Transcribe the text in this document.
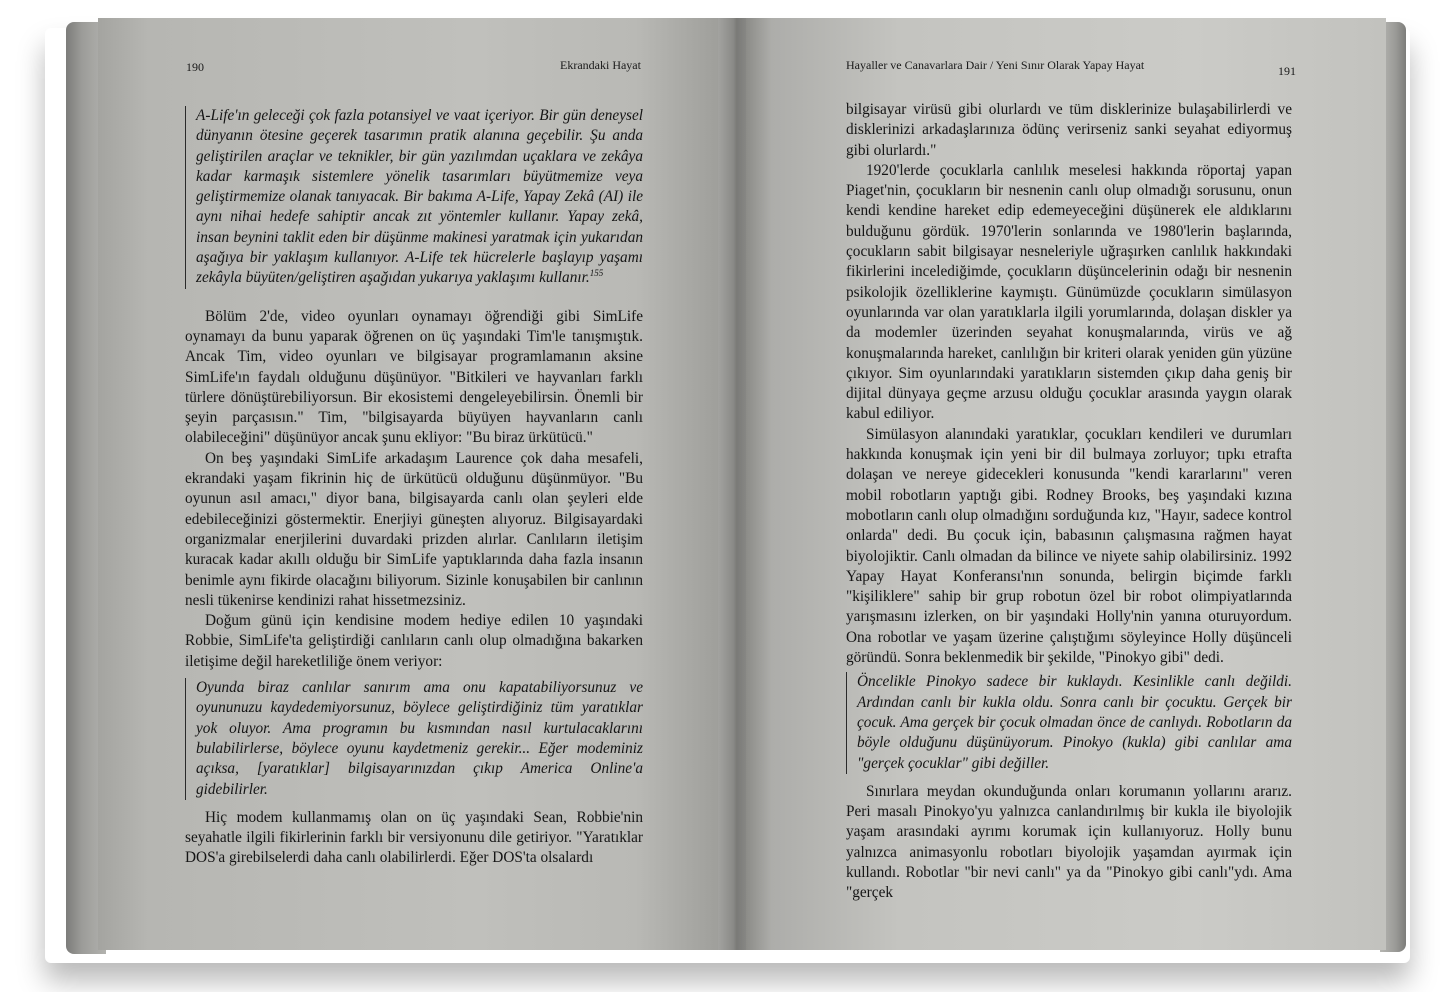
190	Ekrandaki Hayat

A-Life'ın geleceği çok fazla potansiyel ve vaat içeriyor. Bir gün deneysel dünyanın ötesine geçerek tasarımın pratik alanına geçebilir. Şu anda geliştirilen araçlar ve teknikler, bir gün yazılımdan uçaklara ve zekâya kadar karmaşık sistemlere yönelik tasarımları büyütmemize veya geliştirmemize olanak tanıyacak. Bir bakıma A-Life, Yapay Zekâ (AI) ile aynı nihai hedefe sahiptir ancak zıt yöntemler kullanır. Yapay zekâ, insan beynini taklit eden bir düşünme makinesi yaratmak için yukarıdan aşağıya bir yaklaşım kullanıyor. A-Life tek hücrelerle başlayıp yaşamı zekâyla büyüten/geliştiren aşağıdan yukarıya yaklaşımı kullanır.$^{155}$

Bölüm 2'de, video oyunları oynamayı öğrendiği gibi SimLife oynamayı da bunu yaparak öğrenen on üç yaşındaki Tim'le tanışmıştık. Ancak Tim, video oyunları ve bilgisayar programlamanın aksine SimLife'ın faydalı olduğunu düşünüyor. "Bitkileri ve hayvanları farklı türlere dönüştürebiliyorsun. Bir ekosistemi dengeleyebilirsin. Önemli bir şeyin parçasısın." Tim, "bilgisayarda büyüyen hayvanların canlı olabileceğini" düşünüyor ancak şunu ekliyor: "Bu biraz ürkütücü."

On beş yaşındaki SimLife arkadaşım Laurence çok daha mesafeli, ekrandaki yaşam fikrinin hiç de ürkütücü olduğunu düşünmüyor. "Bu oyunun asıl amacı," diyor bana, bilgisayarda canlı olan şeyleri elde edebileceğinizi göstermektir. Enerjiyi güneşten alıyoruz. Bilgisayardaki organizmalar enerjilerini duvardaki prizden alırlar. Canlıların iletişim kuracak kadar akıllı olduğu bir SimLife yaptıklarında daha fazla insanın benimle aynı fikirde olacağını biliyorum. Sizinle konuşabilen bir canlının nesli tükenirse kendinizi rahat hissetmezsiniz.

Doğum günü için kendisine modem hediye edilen 10 yaşındaki Robbie, SimLife'ta geliştirdiği canlıların canlı olup olmadığına bakarken iletişime değil hareketliliğe önem veriyor:

Oyunda biraz canlılar sanırım ama onu kapatabiliyorsunuz ve oyununuzu kaydedemiyorsunuz, böylece geliştirdiğiniz tüm yaratıklar yok oluyor. Ama programın bu kısmından nasıl kurtulacaklarını bulabilirlerse, böylece oyunu kaydetmeniz gerekir... Eğer modeminiz açıksa, [yaratıklar] bilgisayarınızdan çıkıp America Online'a gidebilirler.

Hiç modem kullanmamış olan on üç yaşındaki Sean, Robbie'nin seyahatle ilgili fikirlerinin farklı bir versiyonunu dile getiriyor. "Yaratıklar DOS'a girebilselerdi daha canlı olabilirlerdi. Eğer DOS'ta olsalardı

Hayaller ve Canavarlara Dair / Yeni Sınır Olarak Yapay Hayat	191

bilgisayar virüsü gibi olurlardı ve tüm disklerinize bulaşabilirlerdi ve disklerinizi arkadaşlarınıza ödünç verirseniz sanki seyahat ediyormuş gibi olurlardı."

1920'lerde çocuklarla canlılık meselesi hakkında röportaj yapan Piaget'nin, çocukların bir nesnenin canlı olup olmadığı sorusunu, onun kendi kendine hareket edip edemeyeceğini düşünerek ele aldıklarını bulduğunu gördük. 1970'lerin sonlarında ve 1980'lerin başlarında, çocukların sabit bilgisayar nesneleriyle uğraşırken canlılık hakkındaki fikirlerini incelediğimde, çocukların düşüncelerinin odağı bir nesnenin psikolojik özelliklerine kaymıştı. Günümüzde çocukların simülasyon oyunlarında var olan yaratıklarla ilgili yorumlarında, dolaşan diskler ya da modemler üzerinden seyahat konuşmalarında, virüs ve ağ konuşmalarında hareket, canlılığın bir kriteri olarak yeniden gün yüzüne çıkıyor. Sim oyunlarındaki yaratıkların sistemden çıkıp daha geniş bir dijital dünyaya geçme arzusu olduğu çocuklar arasında yaygın olarak kabul ediliyor.

Simülasyon alanındaki yaratıklar, çocukları kendileri ve durumları hakkında konuşmak için yeni bir dil bulmaya zorluyor; tıpkı etrafta dolaşan ve nereye gidecekleri konusunda "kendi kararlarını" veren mobil robotların yaptığı gibi. Rodney Brooks, beş yaşındaki kızına mobotların canlı olup olmadığını sorduğunda kız, "Hayır, sadece kontrol onlarda" dedi. Bu çocuk için, babasının çalışmasına rağmen hayat biyolojiktir. Canlı olmadan da bilince ve niyete sahip olabilirsiniz. 1992 Yapay Hayat Konferansı'nın sonunda, belirgin biçimde farklı "kişiliklere" sahip bir grup robotun özel bir robot olimpiyatlarında yarışmasını izlerken, on bir yaşındaki Holly'nin yanına oturuyordum. Ona robotlar ve yaşam üzerine çalıştığımı söyleyince Holly düşünceli göründü. Sonra beklenmedik bir şekilde, "Pinokyo gibi" dedi.

Öncelikle Pinokyo sadece bir kuklaydı. Kesinlikle canlı değildi. Ardından canlı bir kukla oldu. Sonra canlı bir çocuktu. Gerçek bir çocuk. Ama gerçek bir çocuk olmadan önce de canlıydı. Robotların da böyle olduğunu düşünüyorum. Pinokyo (kukla) gibi canlılar ama "gerçek çocuklar" gibi değiller.

Sınırlara meydan okunduğunda onları korumanın yollarını ararız. Peri masalı Pinokyo'yu yalnızca canlandırılmış bir kukla ile biyolojik yaşam arasındaki ayrımı korumak için kullanıyoruz. Holly bunu yalnızca animasyonlu robotları biyolojik yaşamdan ayırmak için kullandı. Robotlar "bir nevi canlı" ya da "Pinokyo gibi canlı"ydı. Ama "gerçek
